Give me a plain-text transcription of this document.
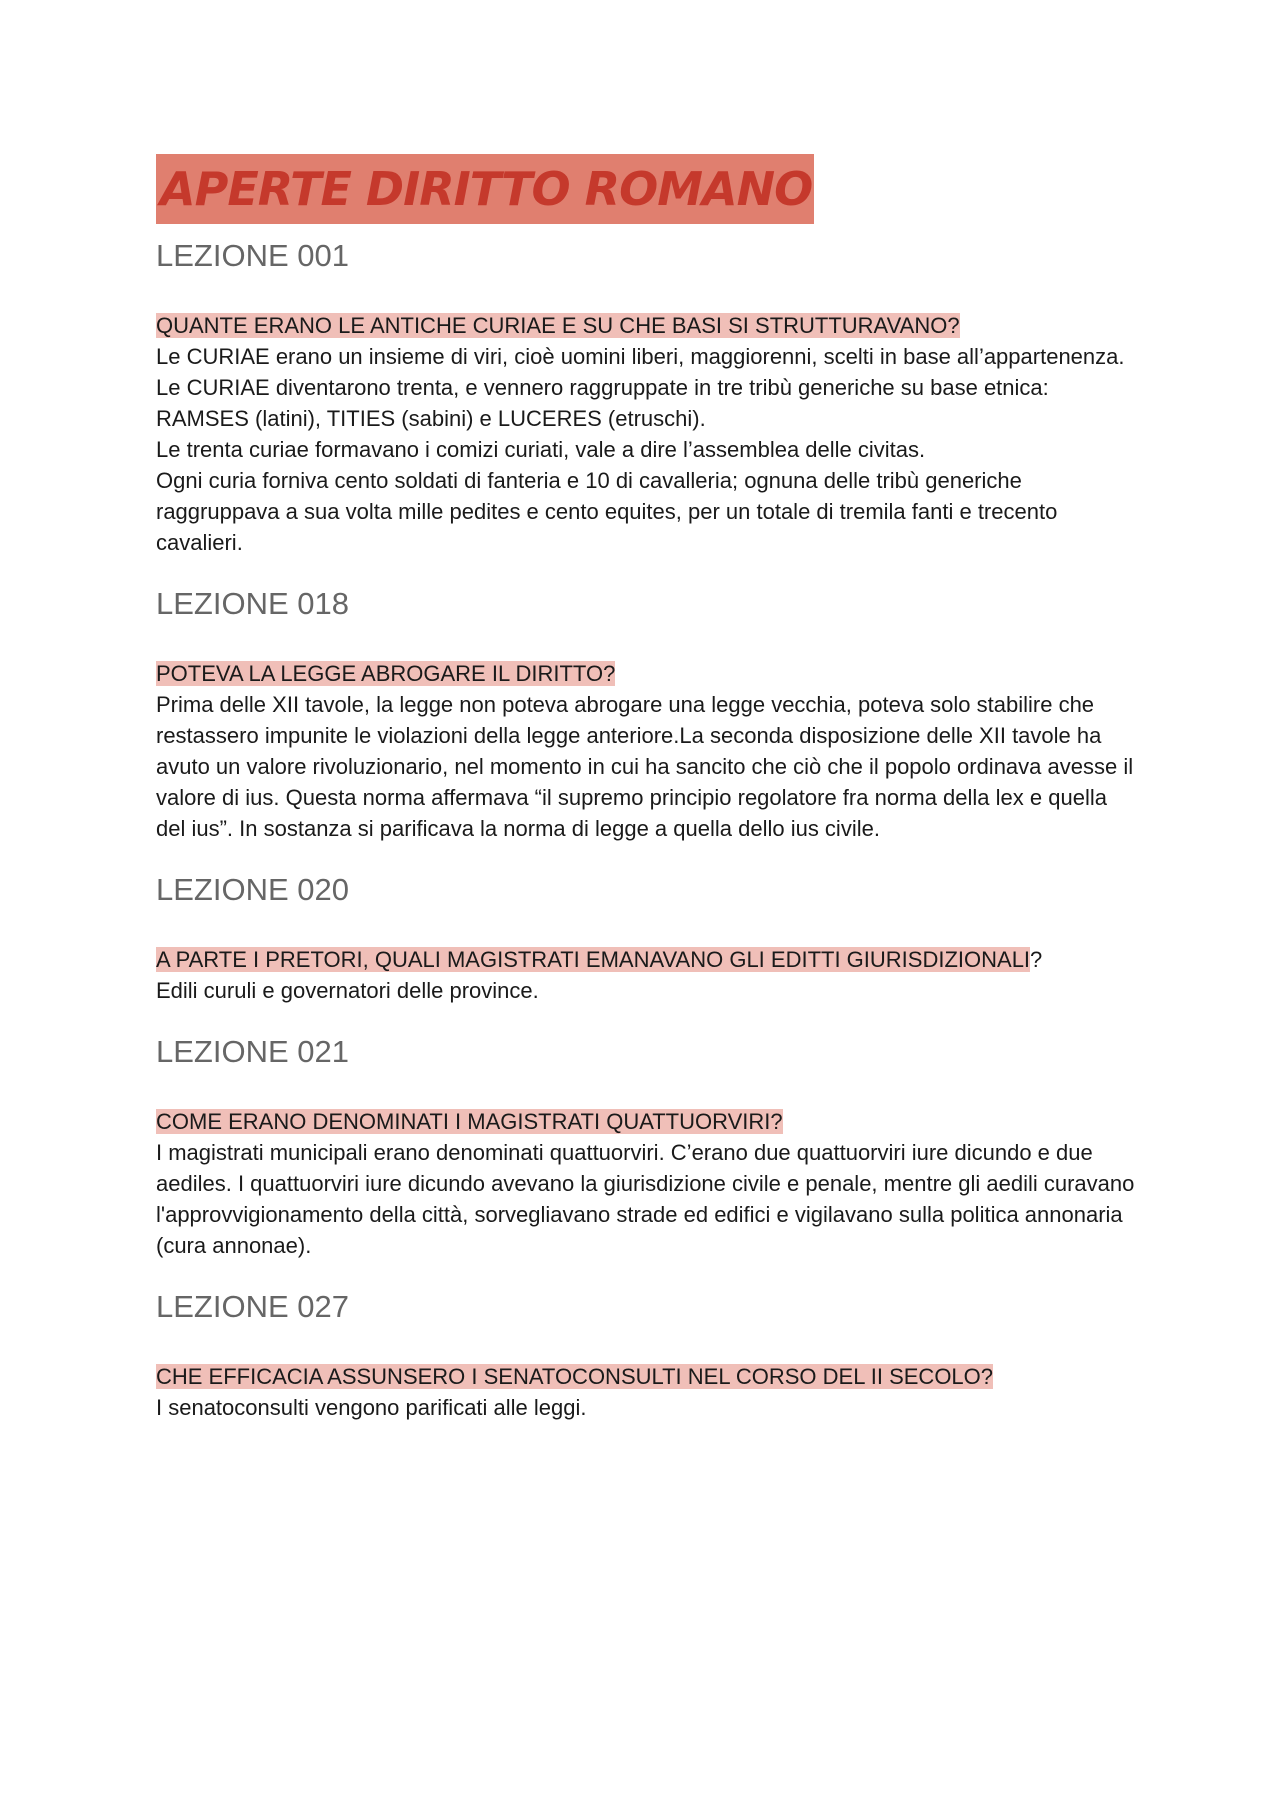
APERTE DIRITTO ROMANO
LEZIONE 001
QUANTE ERANO LE ANTICHE CURIAE E SU CHE BASI SI STRUTTURAVANO?

Le CURIAE erano un insieme di viri, cioè uomini liberi, maggiorenni, scelti in base all’appartenenza.

Le CURIAE diventarono trenta, e vennero raggruppate in tre tribù generiche su base etnica: RAMSES (latini), TITIES (sabini) e LUCERES (etruschi).

Le trenta curiae formavano i comizi curiati, vale a dire l’assemblea delle civitas.

Ogni curia forniva cento soldati di fanteria e 10 di cavalleria; ognuna delle tribù generiche raggruppava a sua volta mille pedites e cento equites, per un totale di tremila fanti e trecento cavalieri.

LEZIONE 018
POTEVA LA LEGGE ABROGARE IL DIRITTO?

Prima delle XII tavole, la legge non poteva abrogare una legge vecchia, poteva solo stabilire che restassero impunite le violazioni della legge anteriore.La seconda disposizione delle XII tavole ha avuto un valore rivoluzionario, nel momento in cui ha sancito che ciò che il popolo ordinava avesse il valore di ius. Questa norma affermava “il supremo principio regolatore fra norma della lex e quella del ius”. In sostanza si parificava la norma di legge a quella dello ius civile.

LEZIONE 020
A PARTE I PRETORI, QUALI MAGISTRATI EMANAVANO GLI EDITTI GIURISDIZIONALI?

Edili curuli e governatori delle province.

LEZIONE 021
COME ERANO DENOMINATI I MAGISTRATI QUATTUORVIRI?

I magistrati municipali erano denominati quattuorviri. C’erano due quattuorviri iure dicundo e due aediles. I quattuorviri iure dicundo avevano la giurisdizione civile e penale, mentre gli aedili curavano l'approvvigionamento della città, sorvegliavano strade ed edifici e vigilavano sulla politica annonaria (cura annonae).

LEZIONE 027
CHE EFFICACIA ASSUNSERO I SENATOCONSULTI NEL CORSO DEL II SECOLO?

I senatoconsulti vengono parificati alle leggi.
